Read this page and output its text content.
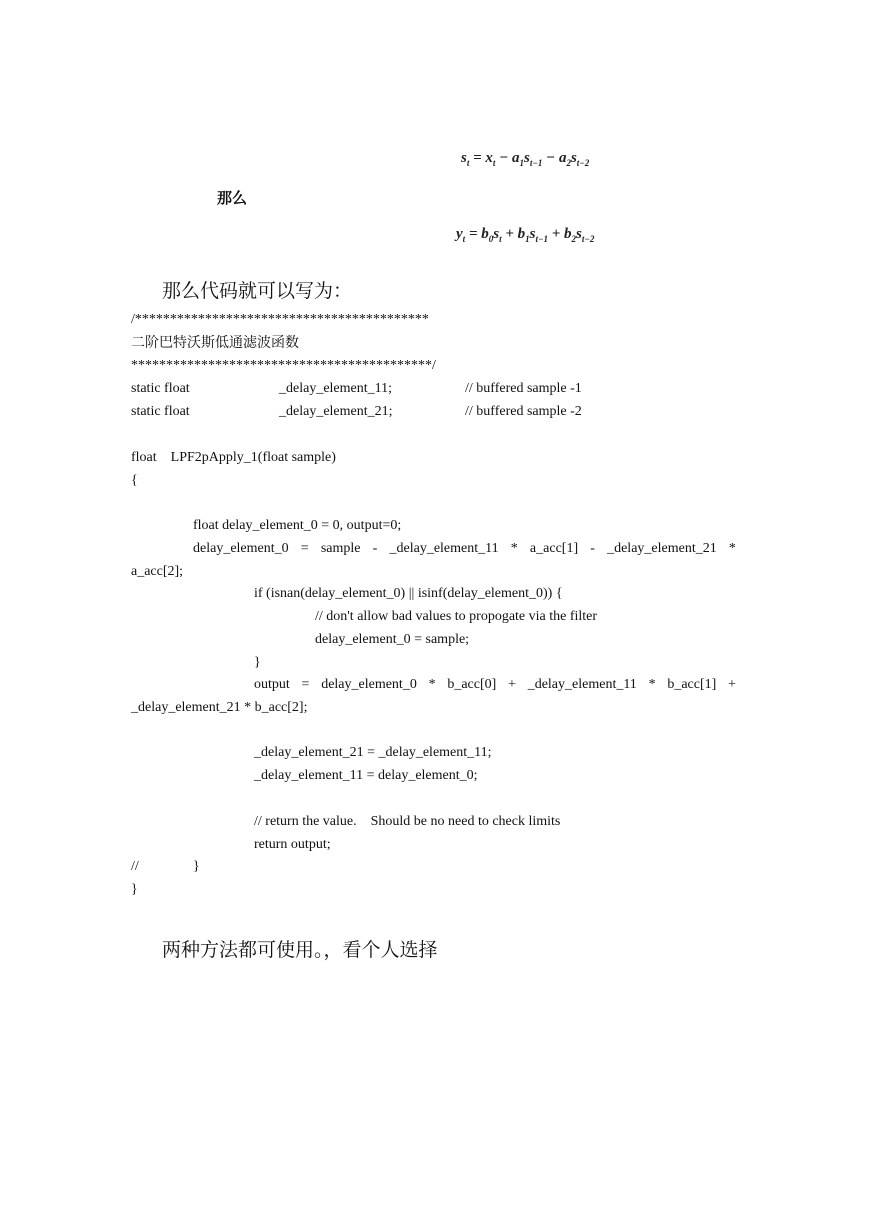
$s_t = x_t - a_1s_{t-1} - a_2s_{t-2}$
那么
$y_t = b_0s_t + b_1s_{t-1} + b_2s_{t-2}$
那么代码就可以写为：
/******************************************
二阶巴特沃斯低通滤波函数
*******************************************/
static float	_delay_element_11;	// buffered sample -1
static float	_delay_element_21;	// buffered sample -2
float    LPF2pApply_1(float sample)
{
float delay_element_0 = 0, output=0;
delay_element_0 = sample - _delay_element_11 * a_acc[1] - _delay_element_21 *
a_acc[2];
if (isnan(delay_element_0) || isinf(delay_element_0)) {
// don't allow bad values to propogate via the filter
delay_element_0 = sample;
}
output = delay_element_0 * b_acc[0] + _delay_element_11 * b_acc[1] +
_delay_element_21 * b_acc[2];
_delay_element_21 = _delay_element_11;
_delay_element_11 = delay_element_0;
// return the value.    Should be no need to check limits
return output;
//	}
}
两种方法都可使用。，看个人选择
